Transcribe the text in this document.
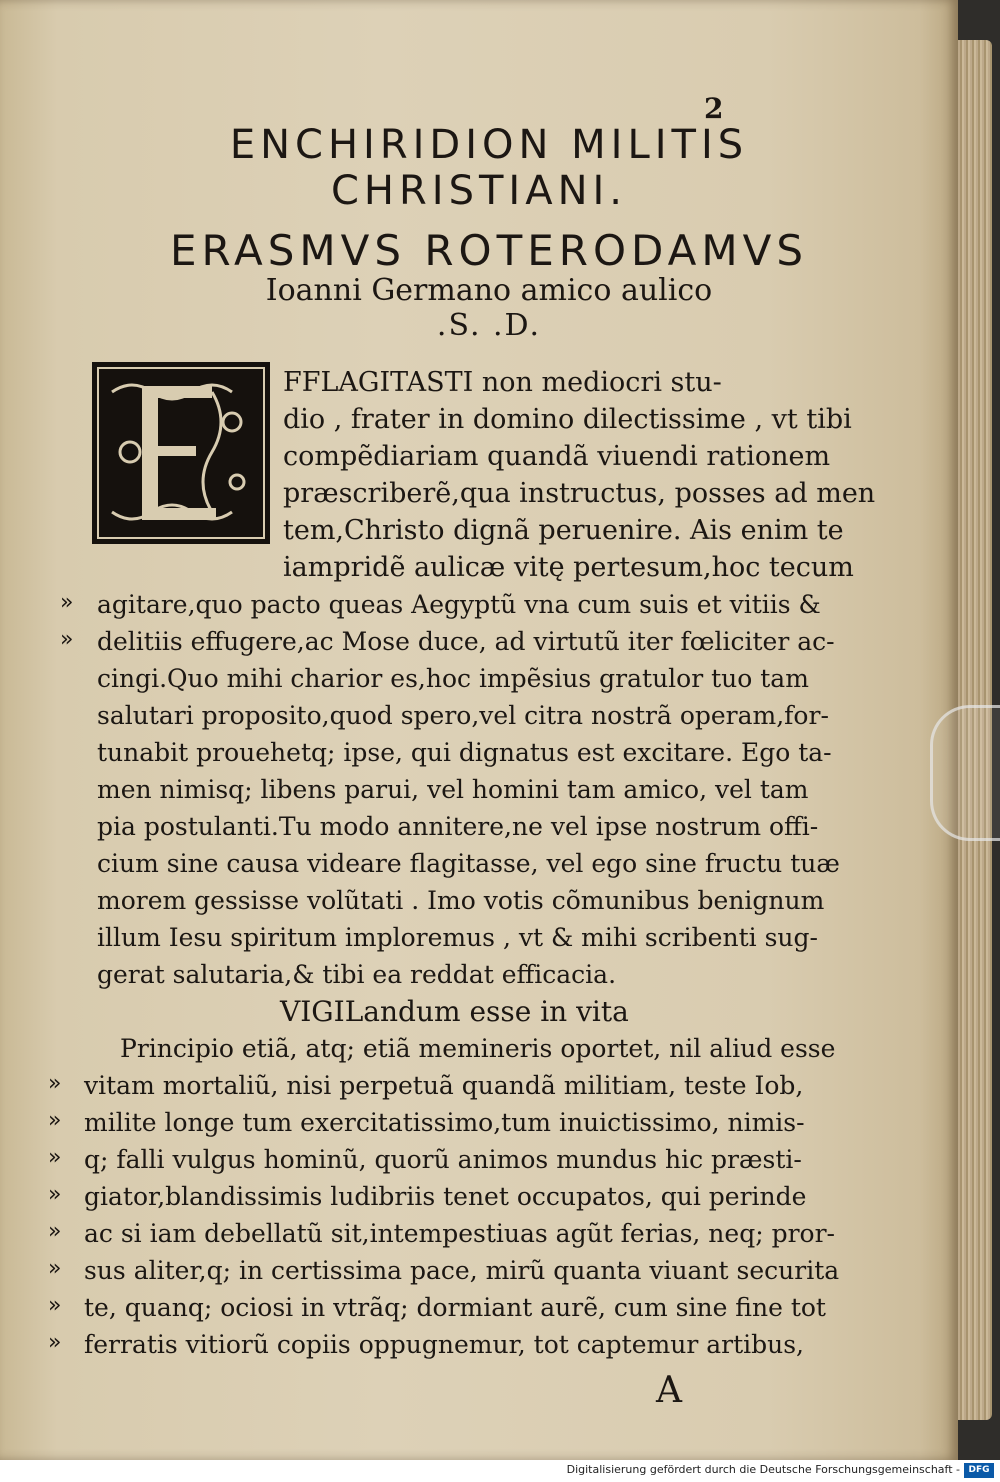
2
ENCHIRIDION MILITIS
CHRISTIANI.
ERASMVS ROTERODAMVS
Ioanni Germano amico aulico
.S. .D.
FFLAGITASTI non mediocri stu-
dio , frater in domino dilectissime , vt tibi
compẽdiariam quandã viuendi rationem
præscriberẽ,qua instructus, posses ad men
tem,Christo dignã peruenire. Ais enim te
iampridẽ aulicæ vitę pertesum,hoc tecum
» agitare,quo pacto queas Aegyptũ vna cum suis et vitiis &
» delitiis effugere,ac Mose duce, ad virtutũ iter fœliciter ac-
cingi.Quo mihi charior es,hoc impẽsius gratulor tuo tam
salutari proposito,quod spero,vel citra nostrã operam,for-
tunabit prouehetq; ipse, qui dignatus est excitare. Ego ta-
men nimisq; libens parui, vel homini tam amico, vel tam
pia postulanti.Tu modo annitere,ne vel ipse nostrum offi-
cium sine causa videare flagitasse, vel ego sine fructu tuæ
morem gessisse volũtati . Imo votis cõmunibus benignum
illum Iesu spiritum imploremus , vt & mihi scribenti sug-
gerat salutaria,& tibi ea reddat efficacia.
VIGILandum esse in vita
Principio etiã, atq; etiã memineris oportet, nil aliud esse
» vitam mortaliũ, nisi perpetuã quandã militiam, teste Iob,
» milite longe tum exercitatissimo,tum inuictissimo, nimis-
» q; falli vulgus hominũ, quorũ animos mundus hic præsti-
» giator,blandissimis ludibriis tenet occupatos, qui perinde
» ac si iam debellatũ sit,intempestiuas agũt ferias, neq; pror-
» sus aliter,q; in certissima pace, mirũ quanta viuant securita
» te, quanq; ociosi in vtrãq; dormiant aurẽ, cum sine fine tot
» ferratis vitiorũ copiis oppugnemur, tot captemur artibus,
A
Digitalisierung gefördert durch die Deutsche Forschungsgemeinschaft - DFG
